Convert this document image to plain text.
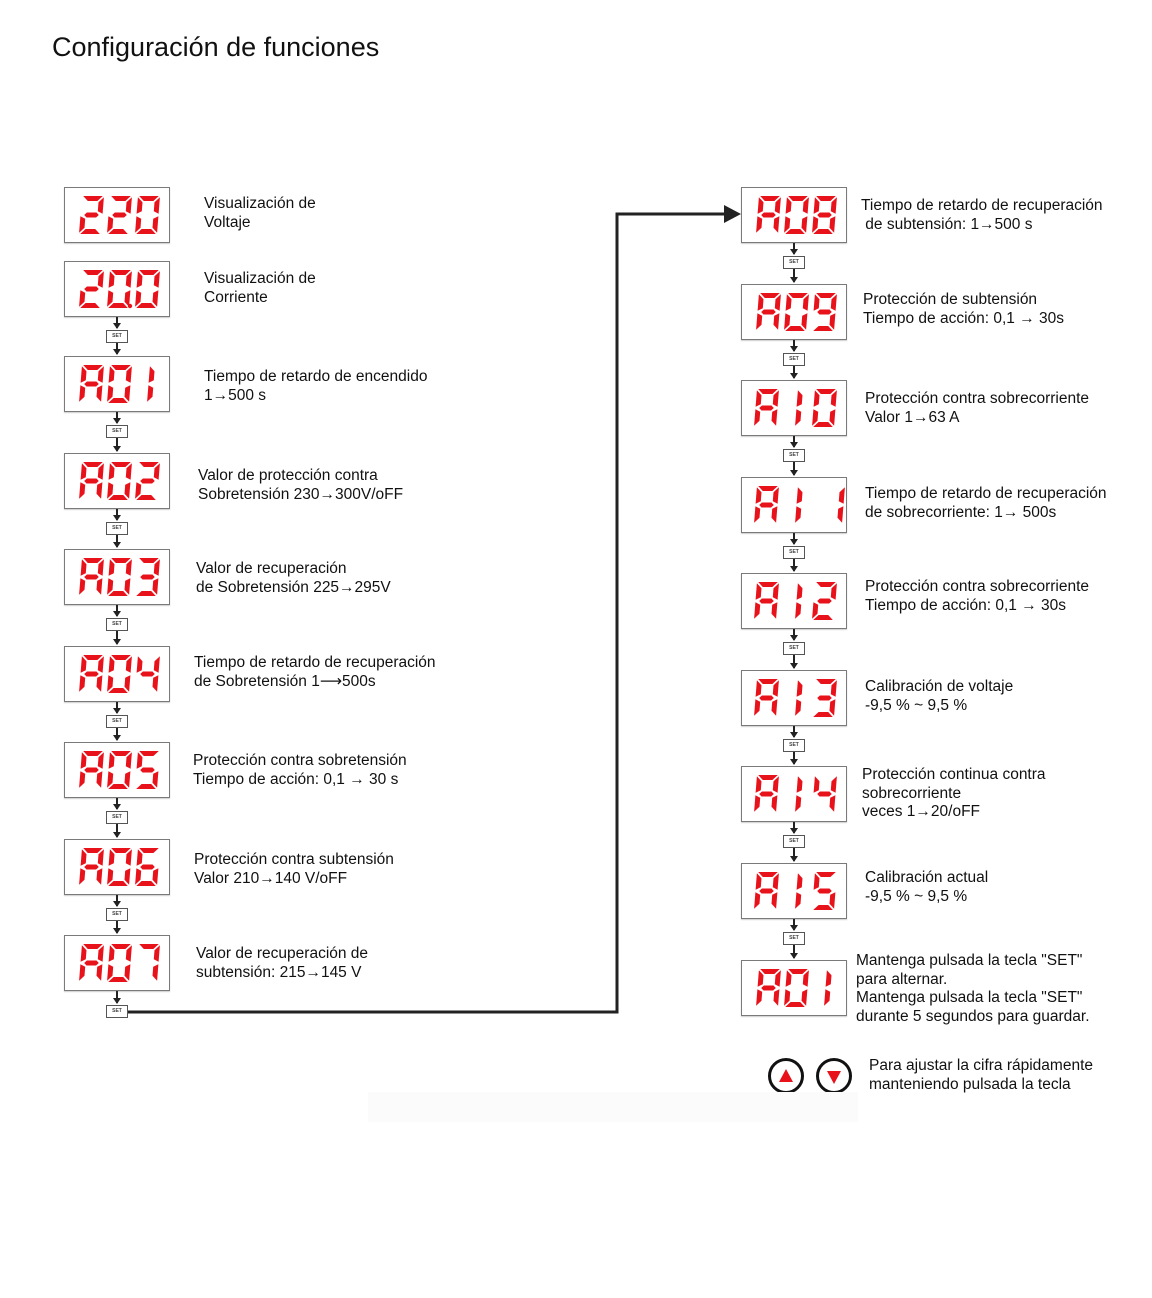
Configuración de funciones
Visualización de
Voltaje
Visualización de
Corriente
Tiempo de retardo de encendido
1→500 s
Valor de protección contra
Sobretensión 230→300V/oFF
Valor de recuperación
de Sobretensión 225→295V
Tiempo de retardo de recuperación
de Sobretensión 1⟶500s
Protección contra sobretensión
Tiempo de acción: 0,1 → 30 s
Protección contra subtensión
Valor 210→140 V/oFF
Valor de recuperación de
subtensión: 215→145 V
SET
SET
SET
SET
SET
SET
SET
SET
Tiempo de retardo de recuperación
de subtensión: 1→500 s
Protección de subtensión
Tiempo de acción: 0,1 → 30s
Protección contra sobrecorriente
Valor 1→63 A
Tiempo de retardo de recuperación
de sobrecorriente: 1→ 500s
Protección contra sobrecorriente
Tiempo de acción: 0,1 → 30s
Calibración de voltaje
-9,5 % ~ 9,5 %
Protección continua contra
sobrecorriente
veces 1→20/oFF
Calibración actual
-9,5 % ~ 9,5 %
Mantenga pulsada la tecla "SET"
para alternar.
Mantenga pulsada la tecla "SET"
durante 5 segundos para guardar.
SET
SET
SET
SET
SET
SET
SET
SET
Para ajustar la cifra rápidamente
manteniendo pulsada la tecla
